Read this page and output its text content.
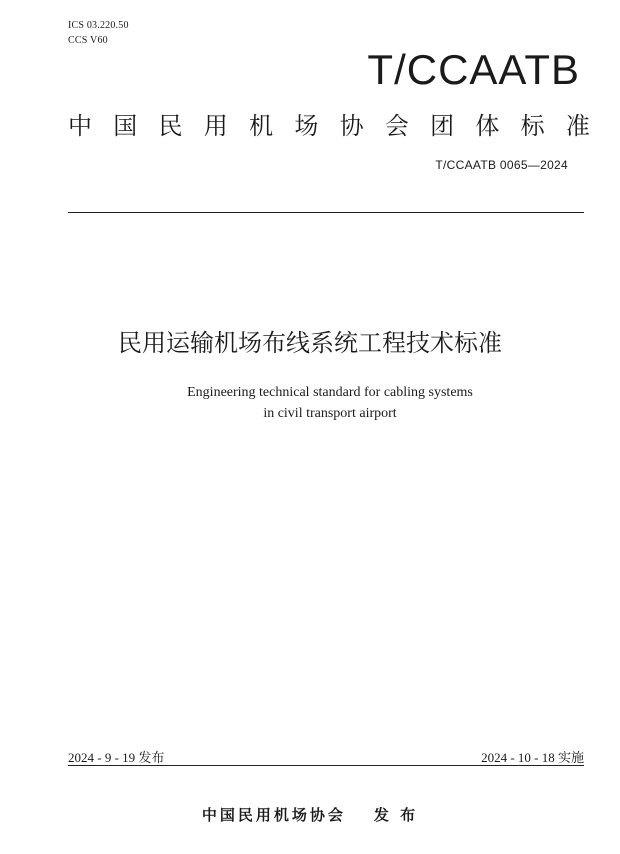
ICS 03.220.50
CCS V60
T/CCAATB
中 国 民 用 机 场 协 会 团 体 标 准
T/CCAATB 0065—2024
民用运输机场布线系统工程技术标准
Engineering technical standard for cabling systems
in civil transport airport
2024 - 9 - 19 发布	2024 - 10 - 18 实施
中国民用机场协会 发 布
